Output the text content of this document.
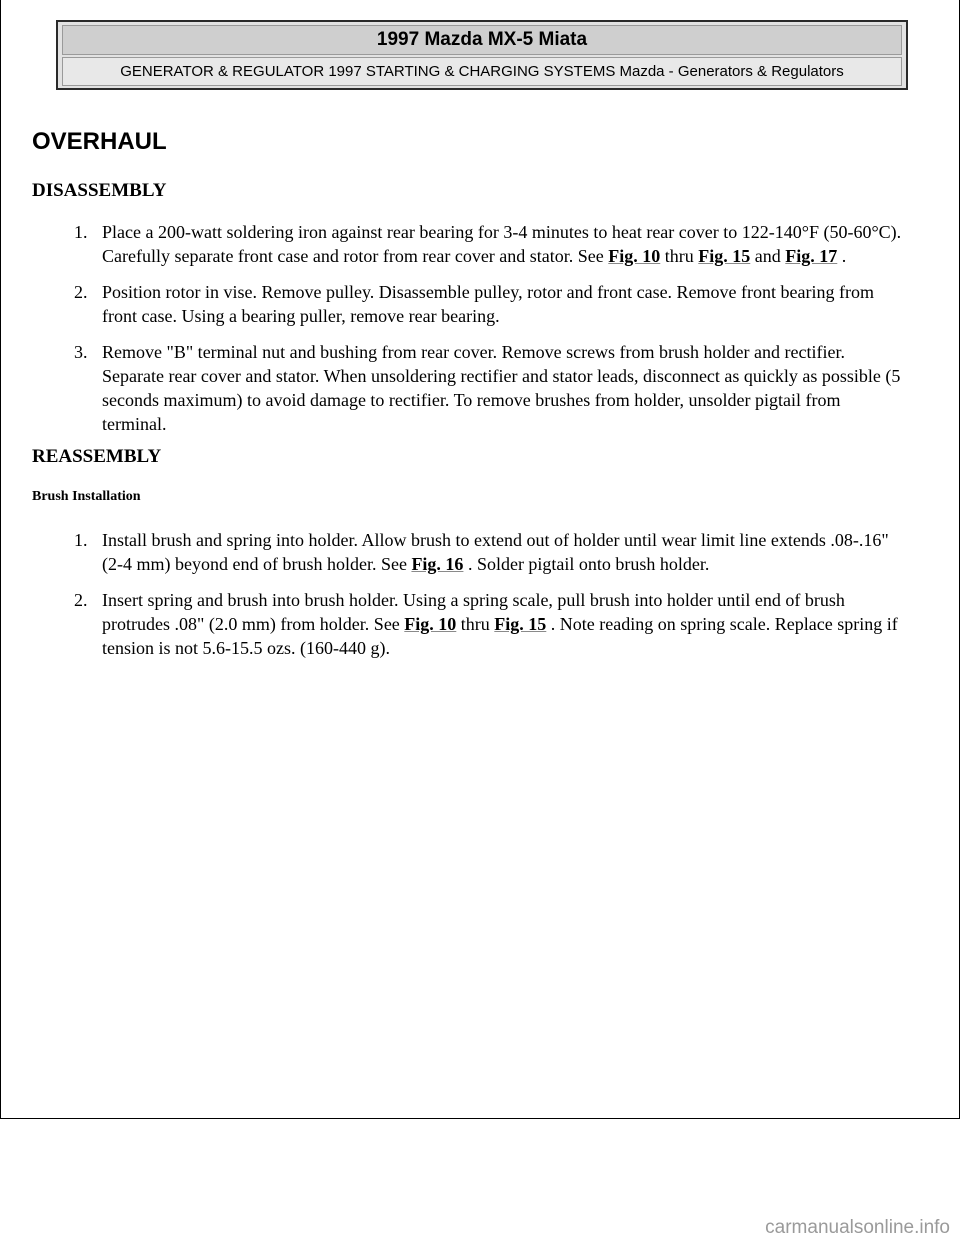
1997 Mazda MX-5 Miata
GENERATOR & REGULATOR 1997 STARTING & CHARGING SYSTEMS Mazda - Generators & Regulators
OVERHAUL
DISASSEMBLY
1. Place a 200-watt soldering iron against rear bearing for 3-4 minutes to heat rear cover to 122-140°F (50-60°C). Carefully separate front case and rotor from rear cover and stator. See Fig. 10 thru Fig. 15 and Fig. 17 .
2. Position rotor in vise. Remove pulley. Disassemble pulley, rotor and front case. Remove front bearing from front case. Using a bearing puller, remove rear bearing.
3. Remove "B" terminal nut and bushing from rear cover. Remove screws from brush holder and rectifier. Separate rear cover and stator. When unsoldering rectifier and stator leads, disconnect as quickly as possible (5 seconds maximum) to avoid damage to rectifier. To remove brushes from holder, unsolder pigtail from terminal.
REASSEMBLY
Brush Installation
1. Install brush and spring into holder. Allow brush to extend out of holder until wear limit line extends .08-.16"(2-4 mm) beyond end of brush holder. See Fig. 16 . Solder pigtail onto brush holder.
2. Insert spring and brush into brush holder. Using a spring scale, pull brush into holder until end of brush protrudes .08" (2.0 mm) from holder. See Fig. 10 thru Fig. 15 . Note reading on spring scale. Replace spring if tension is not 5.6-15.5 ozs. (160-440 g).
carmanualsonline.info
